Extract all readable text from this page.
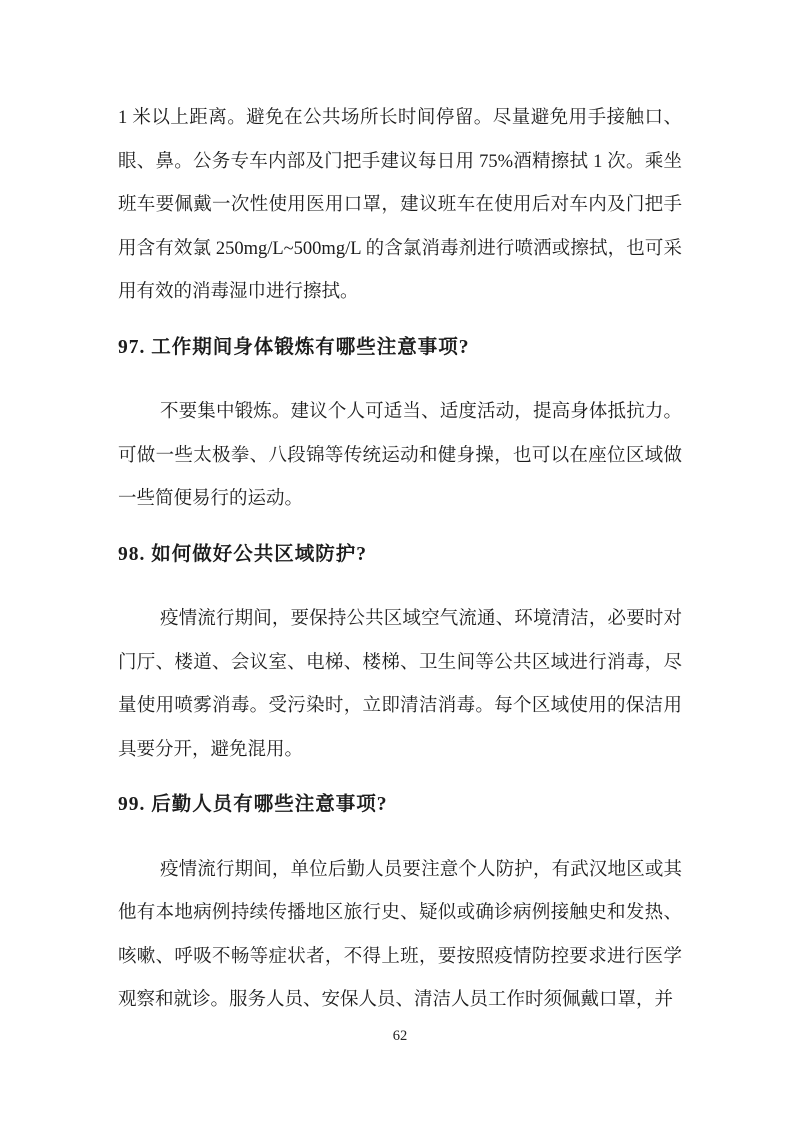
1 米以上距离。避免在公共场所长时间停留。尽量避免用手接触口、
眼、鼻。公务专车内部及门把手建议每日用 75%酒精擦拭 1 次。乘坐
班车要佩戴一次性使用医用口罩，建议班车在使用后对车内及门把手
用含有效氯 250mg/L~500mg/L 的含氯消毒剂进行喷洒或擦拭，也可采
用有效的消毒湿巾进行擦拭。
97. 工作期间身体锻炼有哪些注意事项?
不要集中锻炼。建议个人可适当、适度活动，提高身体抵抗力。
可做一些太极拳、八段锦等传统运动和健身操，也可以在座位区域做
一些简便易行的运动。
98. 如何做好公共区域防护?
疫情流行期间，要保持公共区域空气流通、环境清洁，必要时对
门厅、楼道、会议室、电梯、楼梯、卫生间等公共区域进行消毒，尽
量使用喷雾消毒。受污染时，立即清洁消毒。每个区域使用的保洁用
具要分开，避免混用。
99. 后勤人员有哪些注意事项?
疫情流行期间，单位后勤人员要注意个人防护，有武汉地区或其
他有本地病例持续传播地区旅行史、疑似或确诊病例接触史和发热、
咳嗽、呼吸不畅等症状者，不得上班，要按照疫情防控要求进行医学
观察和就诊。服务人员、安保人员、清洁人员工作时须佩戴口罩，并
62
